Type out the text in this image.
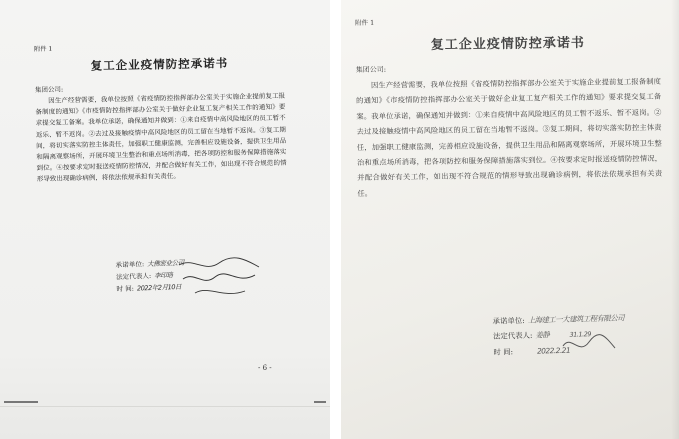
附件 1
复工企业疫情防控承诺书
集团公司:
因生产经营需要，我单位按照《省疫情防控指挥部办公室关于实施企业提前复工报备制度的通知》《市疫情防控指挥部办公室关于做好企业复工复产相关工作的通知》要求提交复工备案。我单位承诺，确保通知并做到：①来自疫情中高风险地区的员工暂不返乐、暂不返岗。②去过及接触疫情中高风险地区的员工留在当地暂不返岗。③复工期间，将切实落实防控主体责任，加强职工健康监测，完善相应设施设备，提供卫生用品和隔离观察场所，开展环境卫生整治和重点场所消毒，把各项防控和服务保障措施落实到位。④按要求定时报送疫情防控情况，并配合做好有关工作，如出现不符合规范的情形导致出现确诊病例，将依法依规承担有关责任。
承诺单位: 大佛密业公司
法定代表人: 李印珞
时 间: 2022年2月10日
- 6 -
附件 1
复工企业疫情防控承诺书
集团公司:
因生产经营需要，我单位按照《省疫情防控指挥部办公室关于实施企业提前复工报备制度的通知》《市疫情防控指挥部办公室关于做好企业复工复产相关工作的通知》要求提交复工备案。我单位承诺，确保通知并做到：①来自疫情中高风险地区的员工暂不返乐、暂不返岗。②去过及接触疫情中高风险地区的员工留在当地暂不返岗。③复工期间，将切实落实防控主体责任，加强职工健康监测，完善相应设施设备，提供卫生用品和隔离观察场所，开展环境卫生整治和重点场所消毒，把各项防控和服务保障措施落实到位。④按要求定时报送疫情防控情况，并配合做好有关工作，如出现不符合规范的情形导致出现确诊病例，将依法依规承担有关责任。
承诺单位: 上海建工一大建筑工程有限公司
法定代表人: 姜静	31.1.29
时 间:	2022.2.21
